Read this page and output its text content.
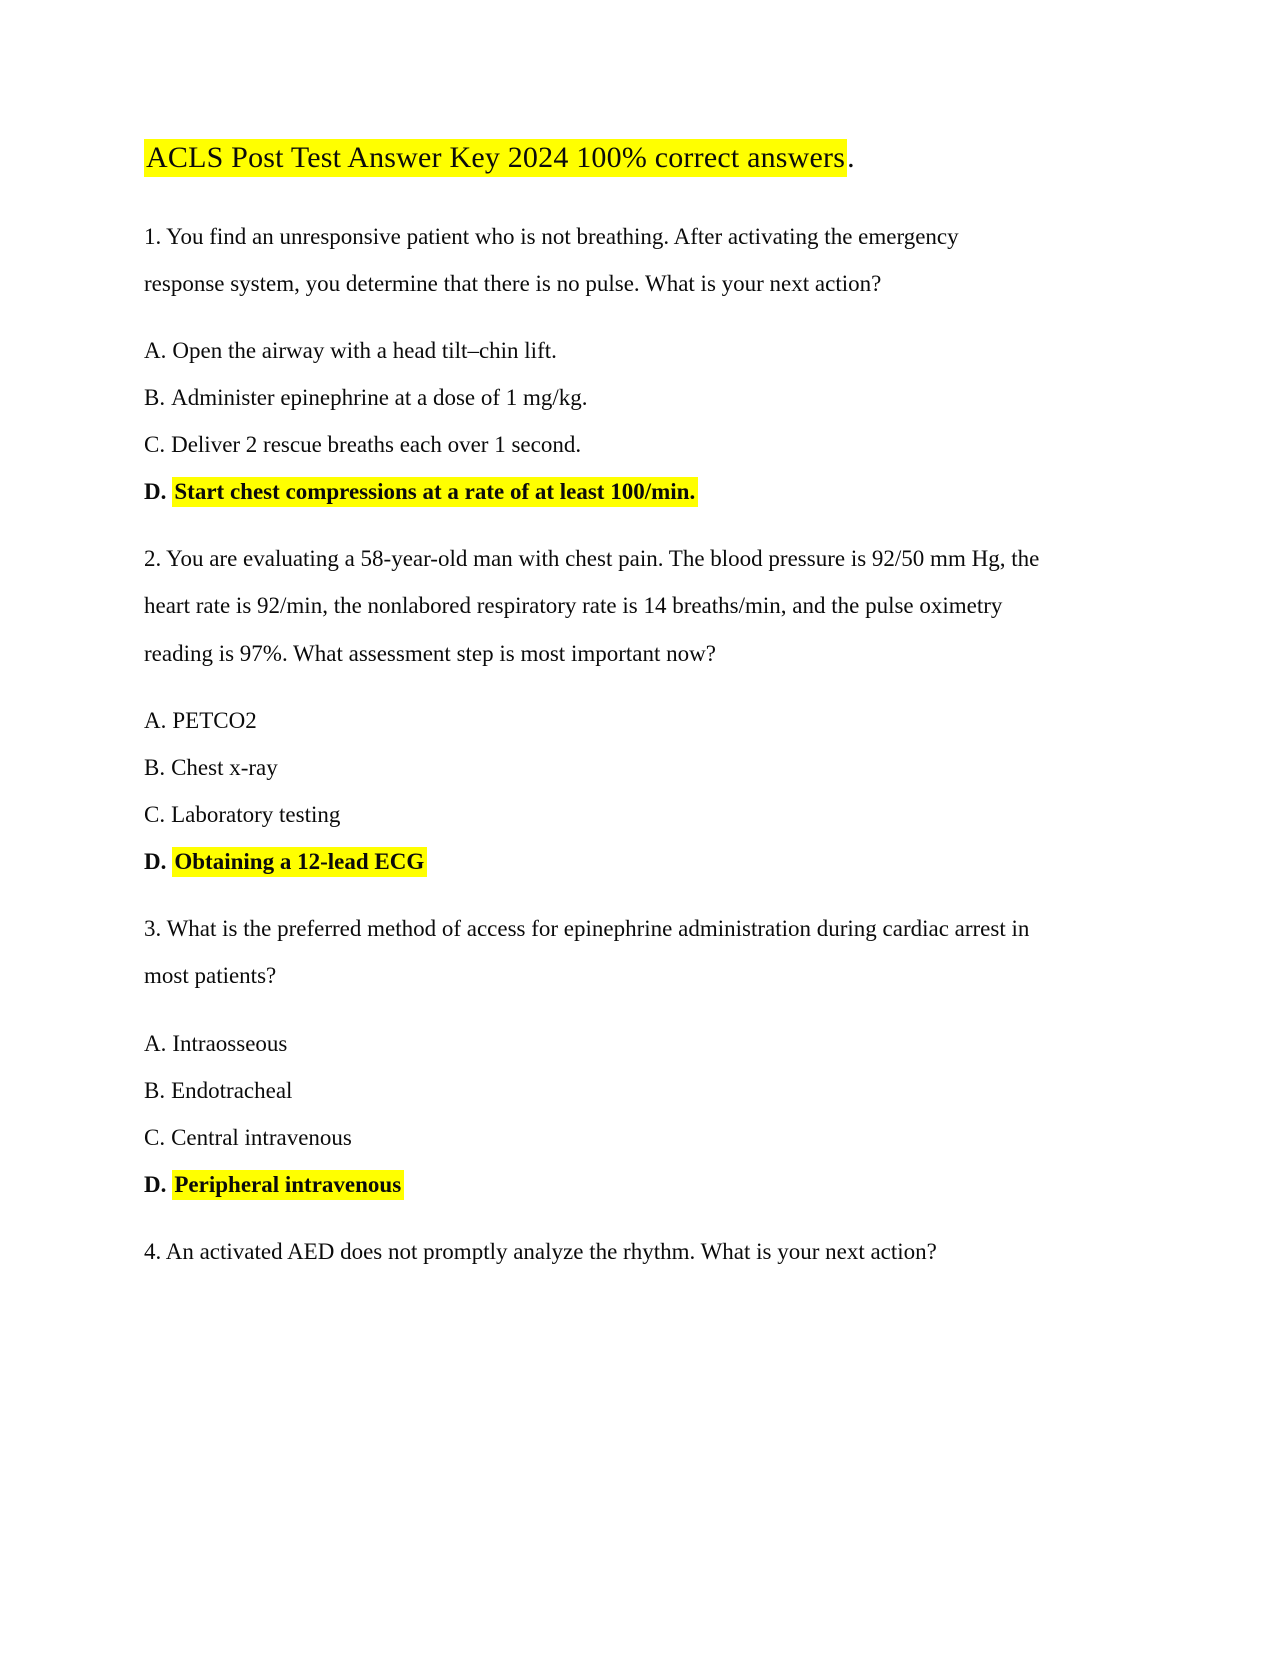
ACLS Post Test Answer Key 2024 100% correct answers.

1. You find an unresponsive patient who is not breathing. After activating the emergency response system, you determine that there is no pulse. What is your next action?

A. Open the airway with a head tilt–chin lift.

B. Administer epinephrine at a dose of 1 mg/kg.

C. Deliver 2 rescue breaths each over 1 second.

D. Start chest compressions at a rate of at least 100/min.

2. You are evaluating a 58-year-old man with chest pain. The blood pressure is 92/50 mm Hg, the heart rate is 92/min, the nonlabored respiratory rate is 14 breaths/min, and the pulse oximetry reading is 97%. What assessment step is most important now?

A. PETCO2

B. Chest x-ray

C. Laboratory testing

D. Obtaining a 12-lead ECG

3. What is the preferred method of access for epinephrine administration during cardiac arrest in most patients?

A. Intraosseous

B. Endotracheal

C. Central intravenous

D. Peripheral intravenous

4. An activated AED does not promptly analyze the rhythm. What is your next action?
